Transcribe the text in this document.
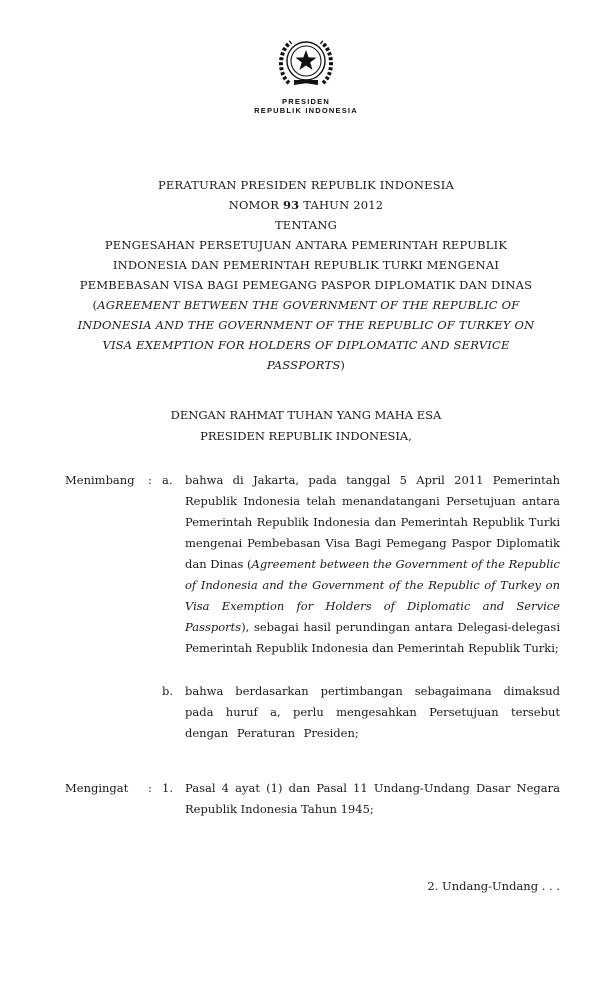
PRESIDEN
REPUBLIK INDONESIA
PERATURAN PRESIDEN REPUBLIK INDONESIA
NOMOR 93 TAHUN 2012
TENTANG
PENGESAHAN PERSETUJUAN ANTARA PEMERINTAH REPUBLIK INDONESIA DAN PEMERINTAH REPUBLIK TURKI MENGENAI PEMBEBASAN VISA BAGI PEMEGANG PASPOR DIPLOMATIK DAN DINAS (AGREEMENT BETWEEN THE GOVERNMENT OF THE REPUBLIC OF INDONESIA AND THE GOVERNMENT OF THE REPUBLIC OF TURKEY ON VISA EXEMPTION FOR HOLDERS OF DIPLOMATIC AND SERVICE PASSPORTS)
DENGAN RAHMAT TUHAN YANG MAHA ESA
PRESIDEN REPUBLIK INDONESIA,
Menimbang	: a.	bahwa di Jakarta, pada tanggal 5 April 2011 Pemerintah Republik Indonesia telah menandatangani Persetujuan antara Pemerintah Republik Indonesia dan Pemerintah Republik Turki mengenai Pembebasan Visa Bagi Pemegang Paspor Diplomatik dan Dinas (Agreement between the Government of the Republic of Indonesia and the Government of the Republic of Turkey on Visa Exemption for Holders of Diplomatic and Service Passports), sebagai hasil perundingan antara Delegasi-delegasi Pemerintah Republik Indonesia dan Pemerintah Republik Turki;
b.	bahwa berdasarkan pertimbangan sebagaimana dimaksud pada huruf a, perlu mengesahkan Persetujuan tersebut dengan Peraturan Presiden;
Mengingat	: 1.	Pasal 4 ayat (1) dan Pasal 11 Undang-Undang Dasar Negara Republik Indonesia Tahun 1945;
2. Undang-Undang . . .
